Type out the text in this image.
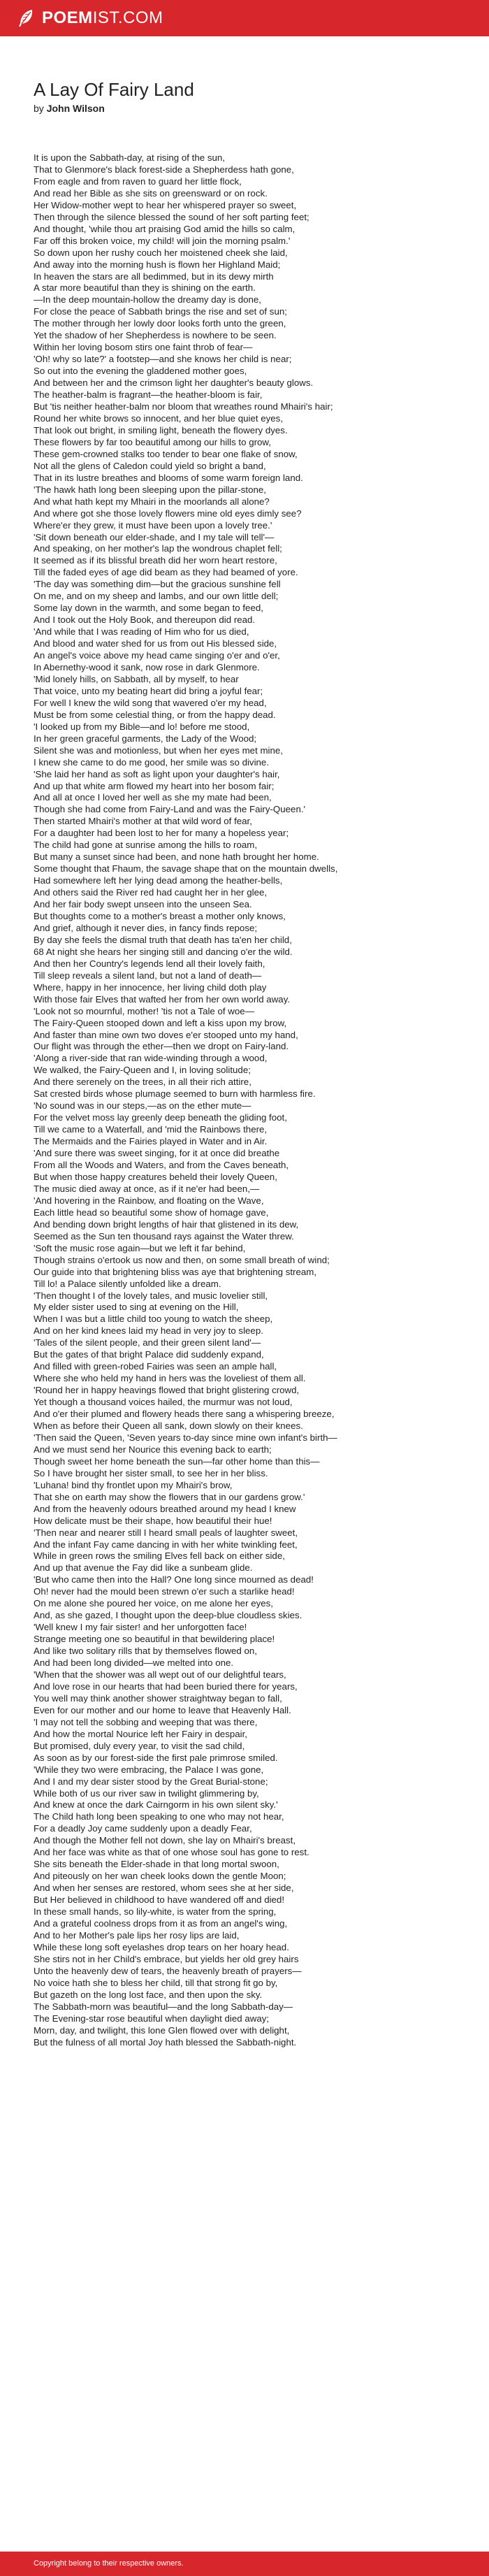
POEMIST.COM
A Lay Of Fairy Land
by John Wilson
It is upon the Sabbath-day, at rising of the sun,
That to Glenmore's black forest-side a Shepherdess hath gone,
From eagle and from raven to guard her little flock,
And read her Bible as she sits on greensward or on rock.
Her Widow-mother wept to hear her whispered prayer so sweet,
Then through the silence blessed the sound of her soft parting feet;
And thought, 'while thou art praising God amid the hills so calm,
Far off this broken voice, my child! will join the morning psalm.'
So down upon her rushy couch her moistened cheek she laid,
And away into the morning hush is flown her Highland Maid;
In heaven the stars are all bedimmed, but in its dewy mirth
A star more beautiful than they is shining on the earth.
—In the deep mountain-hollow the dreamy day is done,
For close the peace of Sabbath brings the rise and set of sun;
The mother through her lowly door looks forth unto the green,
Yet the shadow of her Shepherdess is nowhere to be seen.
Within her loving bosom stirs one faint throb of fear—
'Oh! why so late?' a footstep—and she knows her child is near;
So out into the evening the gladdened mother goes,
And between her and the crimson light her daughter's beauty glows.
The heather-balm is fragrant—the heather-bloom is fair,
But 'tis neither heather-balm nor bloom that wreathes round Mhairi's hair;
Round her white brows so innocent, and her blue quiet eyes,
That look out bright, in smiling light, beneath the flowery dyes.
These flowers by far too beautiful among our hills to grow,
These gem-crowned stalks too tender to bear one flake of snow,
Not all the glens of Caledon could yield so bright a band,
That in its lustre breathes and blooms of some warm foreign land.
'The hawk hath long been sleeping upon the pillar-stone,
And what hath kept my Mhairi in the moorlands all alone?
And where got she those lovely flowers mine old eyes dimly see?
Where'er they grew, it must have been upon a lovely tree.'
'Sit down beneath our elder-shade, and I my tale will tell'—
And speaking, on her mother's lap the wondrous chaplet fell;
It seemed as if its blissful breath did her worn heart restore,
Till the faded eyes of age did beam as they had beamed of yore.
'The day was something dim—but the gracious sunshine fell
On me, and on my sheep and lambs, and our own little dell;
Some lay down in the warmth, and some began to feed,
And I took out the Holy Book, and thereupon did read.
'And while that I was reading of Him who for us died,
And blood and water shed for us from out His blessed side,
An angel's voice above my head came singing o'er and o'er,
In Abernethy-wood it sank, now rose in dark Glenmore.
'Mid lonely hills, on Sabbath, all by myself, to hear
That voice, unto my beating heart did bring a joyful fear;
For well I knew the wild song that wavered o'er my head,
Must be from some celestial thing, or from the happy dead.
'I looked up from my Bible—and lo! before me stood,
In her green graceful garments, the Lady of the Wood;
Silent she was and motionless, but when her eyes met mine,
I knew she came to do me good, her smile was so divine.
'She laid her hand as soft as light upon your daughter's hair,
And up that white arm flowed my heart into her bosom fair;
And all at once I loved her well as she my mate had been,
Though she had come from Fairy-Land and was the Fairy-Queen.'
Then started Mhairi's mother at that wild word of fear,
For a daughter had been lost to her for many a hopeless year;
The child had gone at sunrise among the hills to roam,
But many a sunset since had been, and none hath brought her home.
Some thought that Fhaum, the savage shape that on the mountain dwells,
Had somewhere left her lying dead among the heather-bells,
And others said the River red had caught her in her glee,
And her fair body swept unseen into the unseen Sea.
But thoughts come to a mother's breast a mother only knows,
And grief, although it never dies, in fancy finds repose;
By day she feels the dismal truth that death has ta'en her child,
68 At night she hears her singing still and dancing o'er the wild.
And then her Country's legends lend all their lovely faith,
Till sleep reveals a silent land, but not a land of death—
Where, happy in her innocence, her living child doth play
With those fair Elves that wafted her from her own world away.
'Look not so mournful, mother! 'tis not a Tale of woe—
The Fairy-Queen stooped down and left a kiss upon my brow,
And faster than mine own two doves e'er stooped unto my hand,
Our flight was through the ether—then we dropt on Fairy-land.
'Along a river-side that ran wide-winding through a wood,
We walked, the Fairy-Queen and I, in loving solitude;
And there serenely on the trees, in all their rich attire,
Sat crested birds whose plumage seemed to burn with harmless fire.
'No sound was in our steps,—as on the ether mute—
For the velvet moss lay greenly deep beneath the gliding foot,
Till we came to a Waterfall, and 'mid the Rainbows there,
The Mermaids and the Fairies played in Water and in Air.
'And sure there was sweet singing, for it at once did breathe
From all the Woods and Waters, and from the Caves beneath,
But when those happy creatures beheld their lovely Queen,
The music died away at once, as if it ne'er had been,—
'And hovering in the Rainbow, and floating on the Wave,
Each little head so beautiful some show of homage gave,
And bending down bright lengths of hair that glistened in its dew,
Seemed as the Sun ten thousand rays against the Water threw.
'Soft the music rose again—but we left it far behind,
Though strains o'ertook us now and then, on some small breath of wind;
Our guide into that brightening bliss was aye that brightening stream,
Till lo! a Palace silently unfolded like a dream.
'Then thought I of the lovely tales, and music lovelier still,
My elder sister used to sing at evening on the Hill,
When I was but a little child too young to watch the sheep,
And on her kind knees laid my head in very joy to sleep.
'Tales of the silent people, and their green silent land'—
But the gates of that bright Palace did suddenly expand,
And filled with green-robed Fairies was seen an ample hall,
Where she who held my hand in hers was the loveliest of them all.
'Round her in happy heavings flowed that bright glistering crowd,
Yet though a thousand voices hailed, the murmur was not loud,
And o'er their plumed and flowery heads there sang a whispering breeze,
When as before their Queen all sank, down slowly on their knees.
'Then said the Queen, 'Seven years to-day since mine own infant's birth—
And we must send her Nourice this evening back to earth;
Though sweet her home beneath the sun—far other home than this—
So I have brought her sister small, to see her in her bliss.
'Luhana! bind thy frontlet upon my Mhairi's brow,
That she on earth may show the flowers that in our gardens grow.'
And from the heavenly odours breathed around my head I knew
How delicate must be their shape, how beautiful their hue!
'Then near and nearer still I heard small peals of laughter sweet,
And the infant Fay came dancing in with her white twinkling feet,
While in green rows the smiling Elves fell back on either side,
And up that avenue the Fay did like a sunbeam glide.
'But who came then into the Hall? One long since mourned as dead!
Oh! never had the mould been strewn o'er such a starlike head!
On me alone she poured her voice, on me alone her eyes,
And, as she gazed, I thought upon the deep-blue cloudless skies.
'Well knew I my fair sister! and her unforgotten face!
Strange meeting one so beautiful in that bewildering place!
And like two solitary rills that by themselves flowed on,
And had been long divided—we melted into one.
'When that the shower was all wept out of our delightful tears,
And love rose in our hearts that had been buried there for years,
You well may think another shower straightway began to fall,
Even for our mother and our home to leave that Heavenly Hall.
'I may not tell the sobbing and weeping that was there,
And how the mortal Nourice left her Fairy in despair,
But promised, duly every year, to visit the sad child,
As soon as by our forest-side the first pale primrose smiled.
'While they two were embracing, the Palace I was gone,
And I and my dear sister stood by the Great Burial-stone;
While both of us our river saw in twilight glimmering by,
And knew at once the dark Cairngorm in his own silent sky.'
The Child hath long been speaking to one who may not hear,
For a deadly Joy came suddenly upon a deadly Fear,
And though the Mother fell not down, she lay on Mhairi's breast,
And her face was white as that of one whose soul has gone to rest.
She sits beneath the Elder-shade in that long mortal swoon,
And piteously on her wan cheek looks down the gentle Moon;
And when her senses are restored, whom sees she at her side,
But Her believed in childhood to have wandered off and died!
In these small hands, so lily-white, is water from the spring,
And a grateful coolness drops from it as from an angel's wing,
And to her Mother's pale lips her rosy lips are laid,
While these long soft eyelashes drop tears on her hoary head.
She stirs not in her Child's embrace, but yields her old grey hairs
Unto the heavenly dew of tears, the heavenly breath of prayers—
No voice hath she to bless her child, till that strong fit go by,
But gazeth on the long lost face, and then upon the sky.
The Sabbath-morn was beautiful—and the long Sabbath-day—
The Evening-star rose beautiful when daylight died away;
Morn, day, and twilight, this lone Glen flowed over with delight,
But the fulness of all mortal Joy hath blessed the Sabbath-night.
Copyright belong to their respective owners.
